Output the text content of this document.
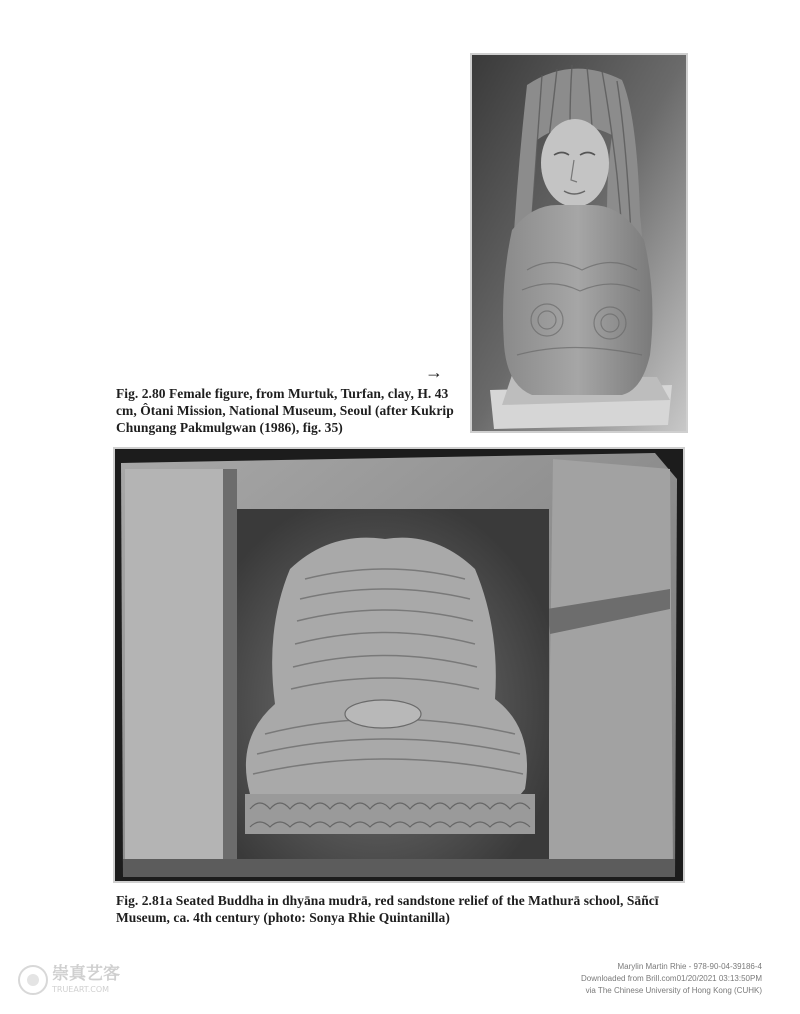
→
Fig. 2.80 Female figure, from Murtuk, Turfan, clay, H. 43 cm, Ôtani Mission, National Museum, Seoul (after Kukrip Chungang Pakmulgwan (1986), fig. 35)
Fig. 2.81a Seated Buddha in dhyāna mudrā, red sandstone relief of the Mathurā school, Sāñcī Museum, ca. 4th century (photo: Sonya Rhie Quintanilla)
崇真艺客
TRUEART.COM
Marylin Martin Rhie - 978-90-04-39186-4
Downloaded from Brill.com01/20/2021 03:13:50PM
via The Chinese University of Hong Kong (CUHK)
